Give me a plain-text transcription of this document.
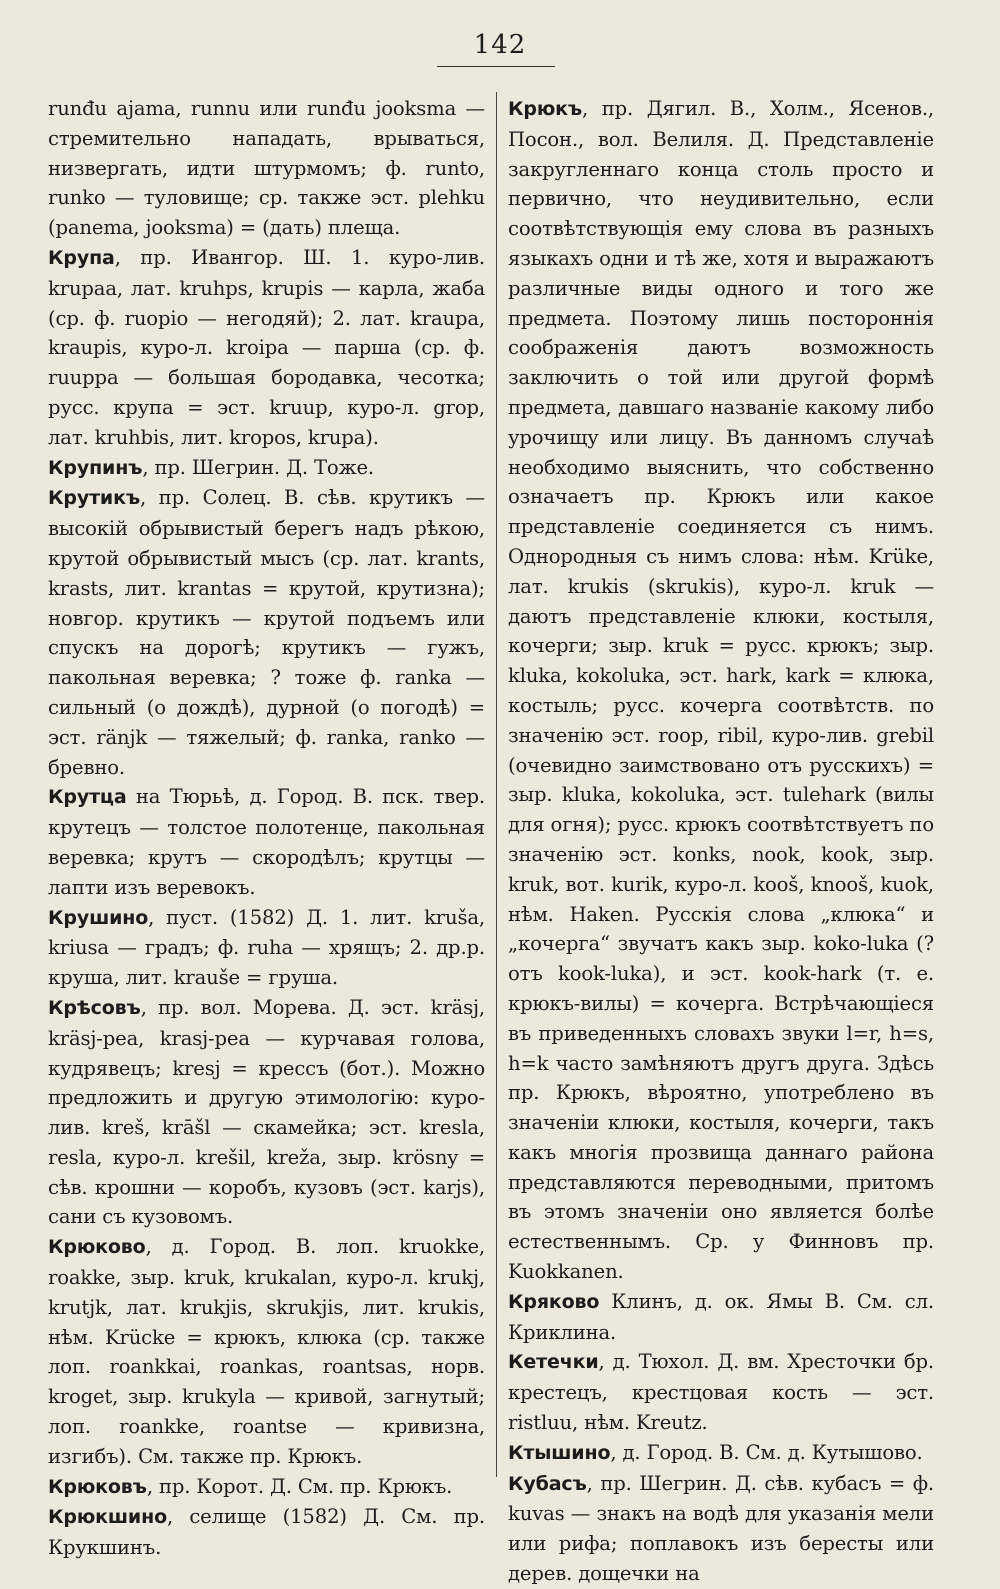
142

runđu ajama, runnu или runđu jooksma — стремительно нападать, врываться, низвергать, идти штурмомъ; ф. runto, runko — туловище; ср. также эст. plehku (panema, jooksma) = (дать) плеща.

Крупа, пр. Ивангор. Ш. 1. куро-лив. kruраа, лат. kruhps, krupis — карла, жаба (ср. ф. ruорio — негодяй); 2. лат. kraupa, kraupis, куро-л. kroipa — парша (ср. ф. ruuрра — большая бородавка, чесотка; русс. крупа = эст. kruup, куро-л. grop, лат. kruhbis, лит. kropos, krupa).

Крупинъ, пр. Шегрин. Д. Тоже.

Крутикъ, пр. Солец. В. сѣв. крутикъ — высокій обрывистый берегъ надъ рѣкою, крутой обрывистый мысъ (ср. лат. krants, krasts, лит. krantas = крутой, крутизна); новгор. крутикъ — крутой подъемъ или спускъ на дорогѣ; крутикъ — гужъ, пакольная веревка; ? тоже ф. ranka — сильный (о дождѣ), дурной (о погодѣ) = эст. ränjk — тяжелый; ф. ranka, ranko — бревно.

Крутца на Тюрьѣ, д. Город. В. пск. твер. крутецъ — толстое полотенце, пакольная веревка; крутъ — скородѣлъ; крутцы — лапти изъ веревокъ.

Крушино, пуст. (1582) Д. 1. лит. kruša, kriusa — градъ; ф. ruha — хрящъ; 2. др.р. круша, лит. krauše = груша.

Крѣсовъ, пр. вол. Морева. Д. эст. kräsj, kräsj-pea, krasj-pea — курчавая голова, кудрявецъ; kresj = крессъ (бот.). Можно предложить и другую этимологію: куро-лив. kreš, krāšl — скамейка; эст. kresla, resla, куро-л. krešil, kreža, зыр. krösny = сѣв. крошни — коробъ, кузовъ (эст. karjs), сани съ кузовомъ.

Крюково, д. Город. В. лоп. kruokke, roakke, зыр. kruk, krukalan, куро-л. krukj, krutjk, лат. krukjis, skrukjis, лит. krukis, нѣм. Krücke = крюкъ, клюка (ср. также лоп. roankkai, roankas, roantsas, норв. kroget, зыр. krukyla — кривой, загнутый; лоп. roankke, roantse — кривизна, изгибъ). См. также пр. Крюкъ.

Крюковъ, пр. Корот. Д. См. пр. Крюкъ.

Крюкшино, селище (1582) Д. См. пр. Крукшинъ.

Крюкъ, пр. Дягил. В., Холм., Ясенов., Посон., вол. Велиля. Д. Представленіе закругленнаго конца столь просто и первично, что неудивительно, если соотвѣтствующія ему слова въ разныхъ языкахъ одни и тѣ же, хотя и выражаютъ различные виды одного и того же предмета. Поэтому лишь постороннія соображенія даютъ возможность заключить о той или другой формѣ предмета, давшаго названіе какому либо урочищу или лицу. Въ данномъ случаѣ необходимо выяснить, что собственно означаетъ пр. Крюкъ или какое представленіе соединяется съ нимъ. Однородныя съ нимъ слова: нѣм. Krüke, лат. krukis (skrukis), куро-л. kruk — даютъ представленіе клюки, костыля, кочерги; зыр. kruk = русс. крюкъ; зыр. kluka, kokoluka, эст. hark, kark = клюка, костыль; русс. кочерга соотвѣтств. по значенію эст. roop, ribil, куро-лив. grebil (очевидно заимствовано отъ русскихъ) = зыр. kluka, kokoluka, эст. tulehark (вилы для огня); русс. крюкъ соотвѣтствуетъ по значенію эст. konks, nook, kook, зыр. kruk, вот. kurik, куро-л. kooš, knooš, kuok, нѣм. Haken. Русскія слова „клюка“ и „кочерга“ звучатъ какъ зыр. koko-luka (? отъ kook-luka), и эст. kook-hark (т. е. крюкъ-вилы) = кочерга. Встрѣчающіеся въ приведенныхъ словахъ звуки l=r, h=s, h=k часто замѣняютъ другъ друга. Здѣсь пр. Крюкъ, вѣроятно, употреблено въ значеніи клюки, костыля, кочерги, такъ какъ многія прозвища даннаго района представляются переводными, притомъ въ этомъ значеніи оно является болѣе естественнымъ. Ср. у Финновъ пр. Kuokkanen.

Кряково Клинъ, д. ок. Ямы В. См. сл. Криклина.

Кетечки, д. Тюхол. Д. вм. Хресточки бр. крестецъ, крестцовая кость — эст. ristluu, нѣм. Kreutz.

Ктышино, д. Город. В. См. д. Кутышово.

Кубасъ, пр. Шегрин. Д. сѣв. кубасъ = ф. kuvas — знакъ на водѣ для указанія мели или рифа; поплавокъ изъ бересты или дерев. дощечки на
